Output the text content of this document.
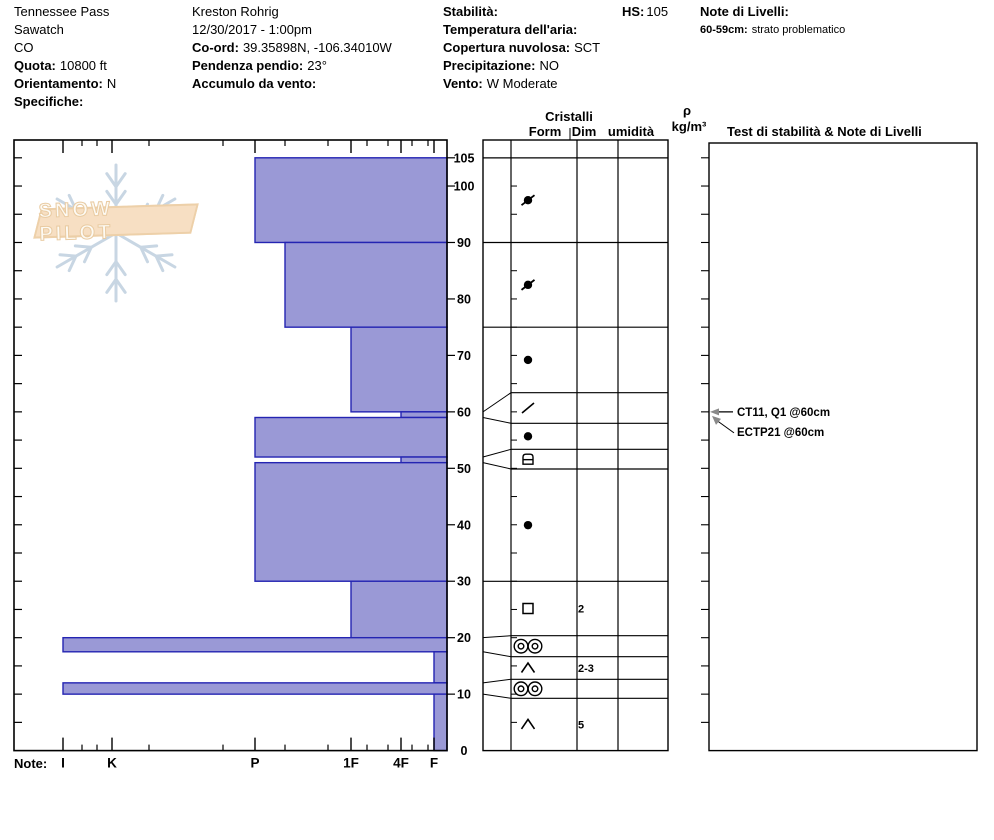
0
10
20
30
40
50
60
70
80
90
100
105
I	K	P	1F	4F F
2
2-3
5
CT11, Q1 @60cm
ECTP21 @60cm
SNOW PILOT
Tennessee Pass
Sawatch
CO
Quota: 10800 ft
Orientamento: N
Specifiche:
Kreston Rohrig
12/30/2017 - 1:00pm
Co-ord: 39.35898N, -106.34010W
Pendenza pendio: 23°
Accumulo da vento:
Stabilità:
Temperatura dell'aria:
Copertura nuvolosa: SCT
Precipitazione: NO
Vento: W Moderate
HS: 105 Note di Livelli:
60-59cm: strato problematico
Cristalli
Form Dim umidità
ρ
kg/m³ Test di stabilità & Note di Livelli
Note:
